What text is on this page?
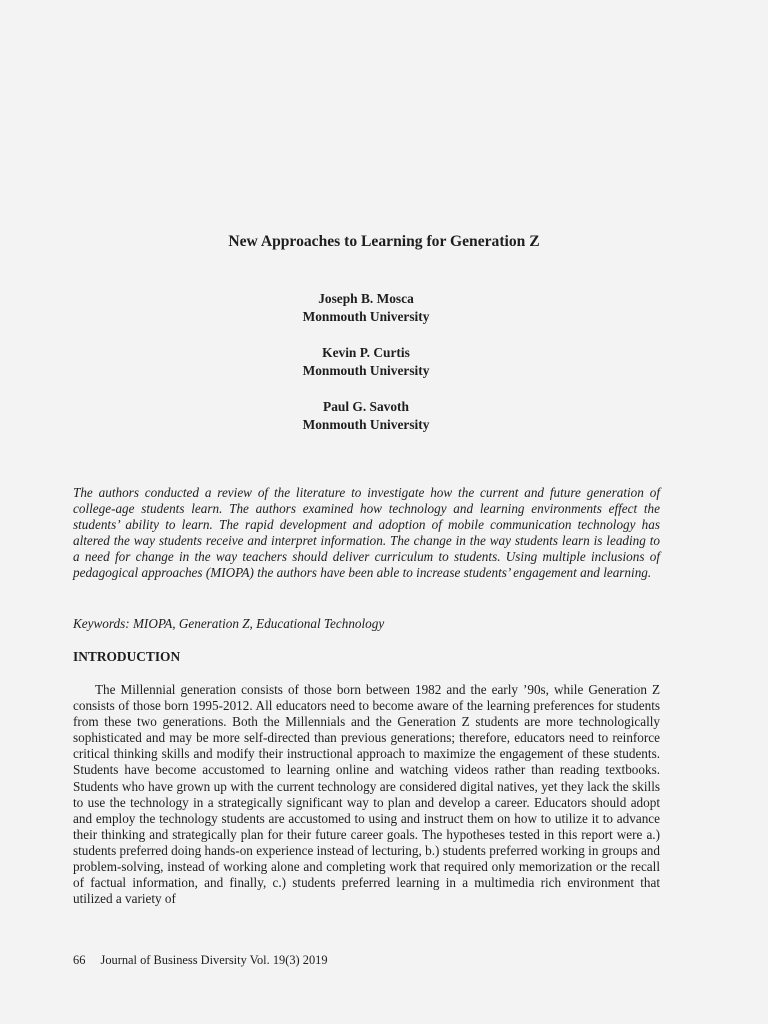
New Approaches to Learning for Generation Z
Joseph B. Mosca
Monmouth University
Kevin P. Curtis
Monmouth University
Paul G. Savoth
Monmouth University

The authors conducted a review of the literature to investigate how the current and future generation of college-age students learn. The authors examined how technology and learning environments effect the students’ ability to learn. The rapid development and adoption of mobile communication technology has altered the way students receive and interpret information. The change in the way students learn is leading to a need for change in the way teachers should deliver curriculum to students. Using multiple inclusions of pedagogical approaches (MIOPA) the authors have been able to increase students’ engagement and learning.

Keywords: MIOPA, Generation Z, Educational Technology

INTRODUCTION

The Millennial generation consists of those born between 1982 and the early ’90s, while Generation Z consists of those born 1995-2012. All educators need to become aware of the learning preferences for students from these two generations. Both the Millennials and the Generation Z students are more technologically sophisticated and may be more self-directed than previous generations; therefore, educators need to reinforce critical thinking skills and modify their instructional approach to maximize the engagement of these students. Students have become accustomed to learning online and watching videos rather than reading textbooks. Students who have grown up with the current technology are considered digital natives, yet they lack the skills to use the technology in a strategically significant way to plan and develop a career. Educators should adopt and employ the technology students are accustomed to using and instruct them on how to utilize it to advance their thinking and strategically plan for their future career goals. The hypotheses tested in this report were a.) students preferred doing hands-on experience instead of lecturing, b.) students preferred working in groups and problem-solving, instead of working alone and completing work that required only memorization or the recall of factual information, and finally, c.) students preferred learning in a multimedia rich environment that utilized a variety of

66 Journal of Business Diversity Vol. 19(3) 2019
